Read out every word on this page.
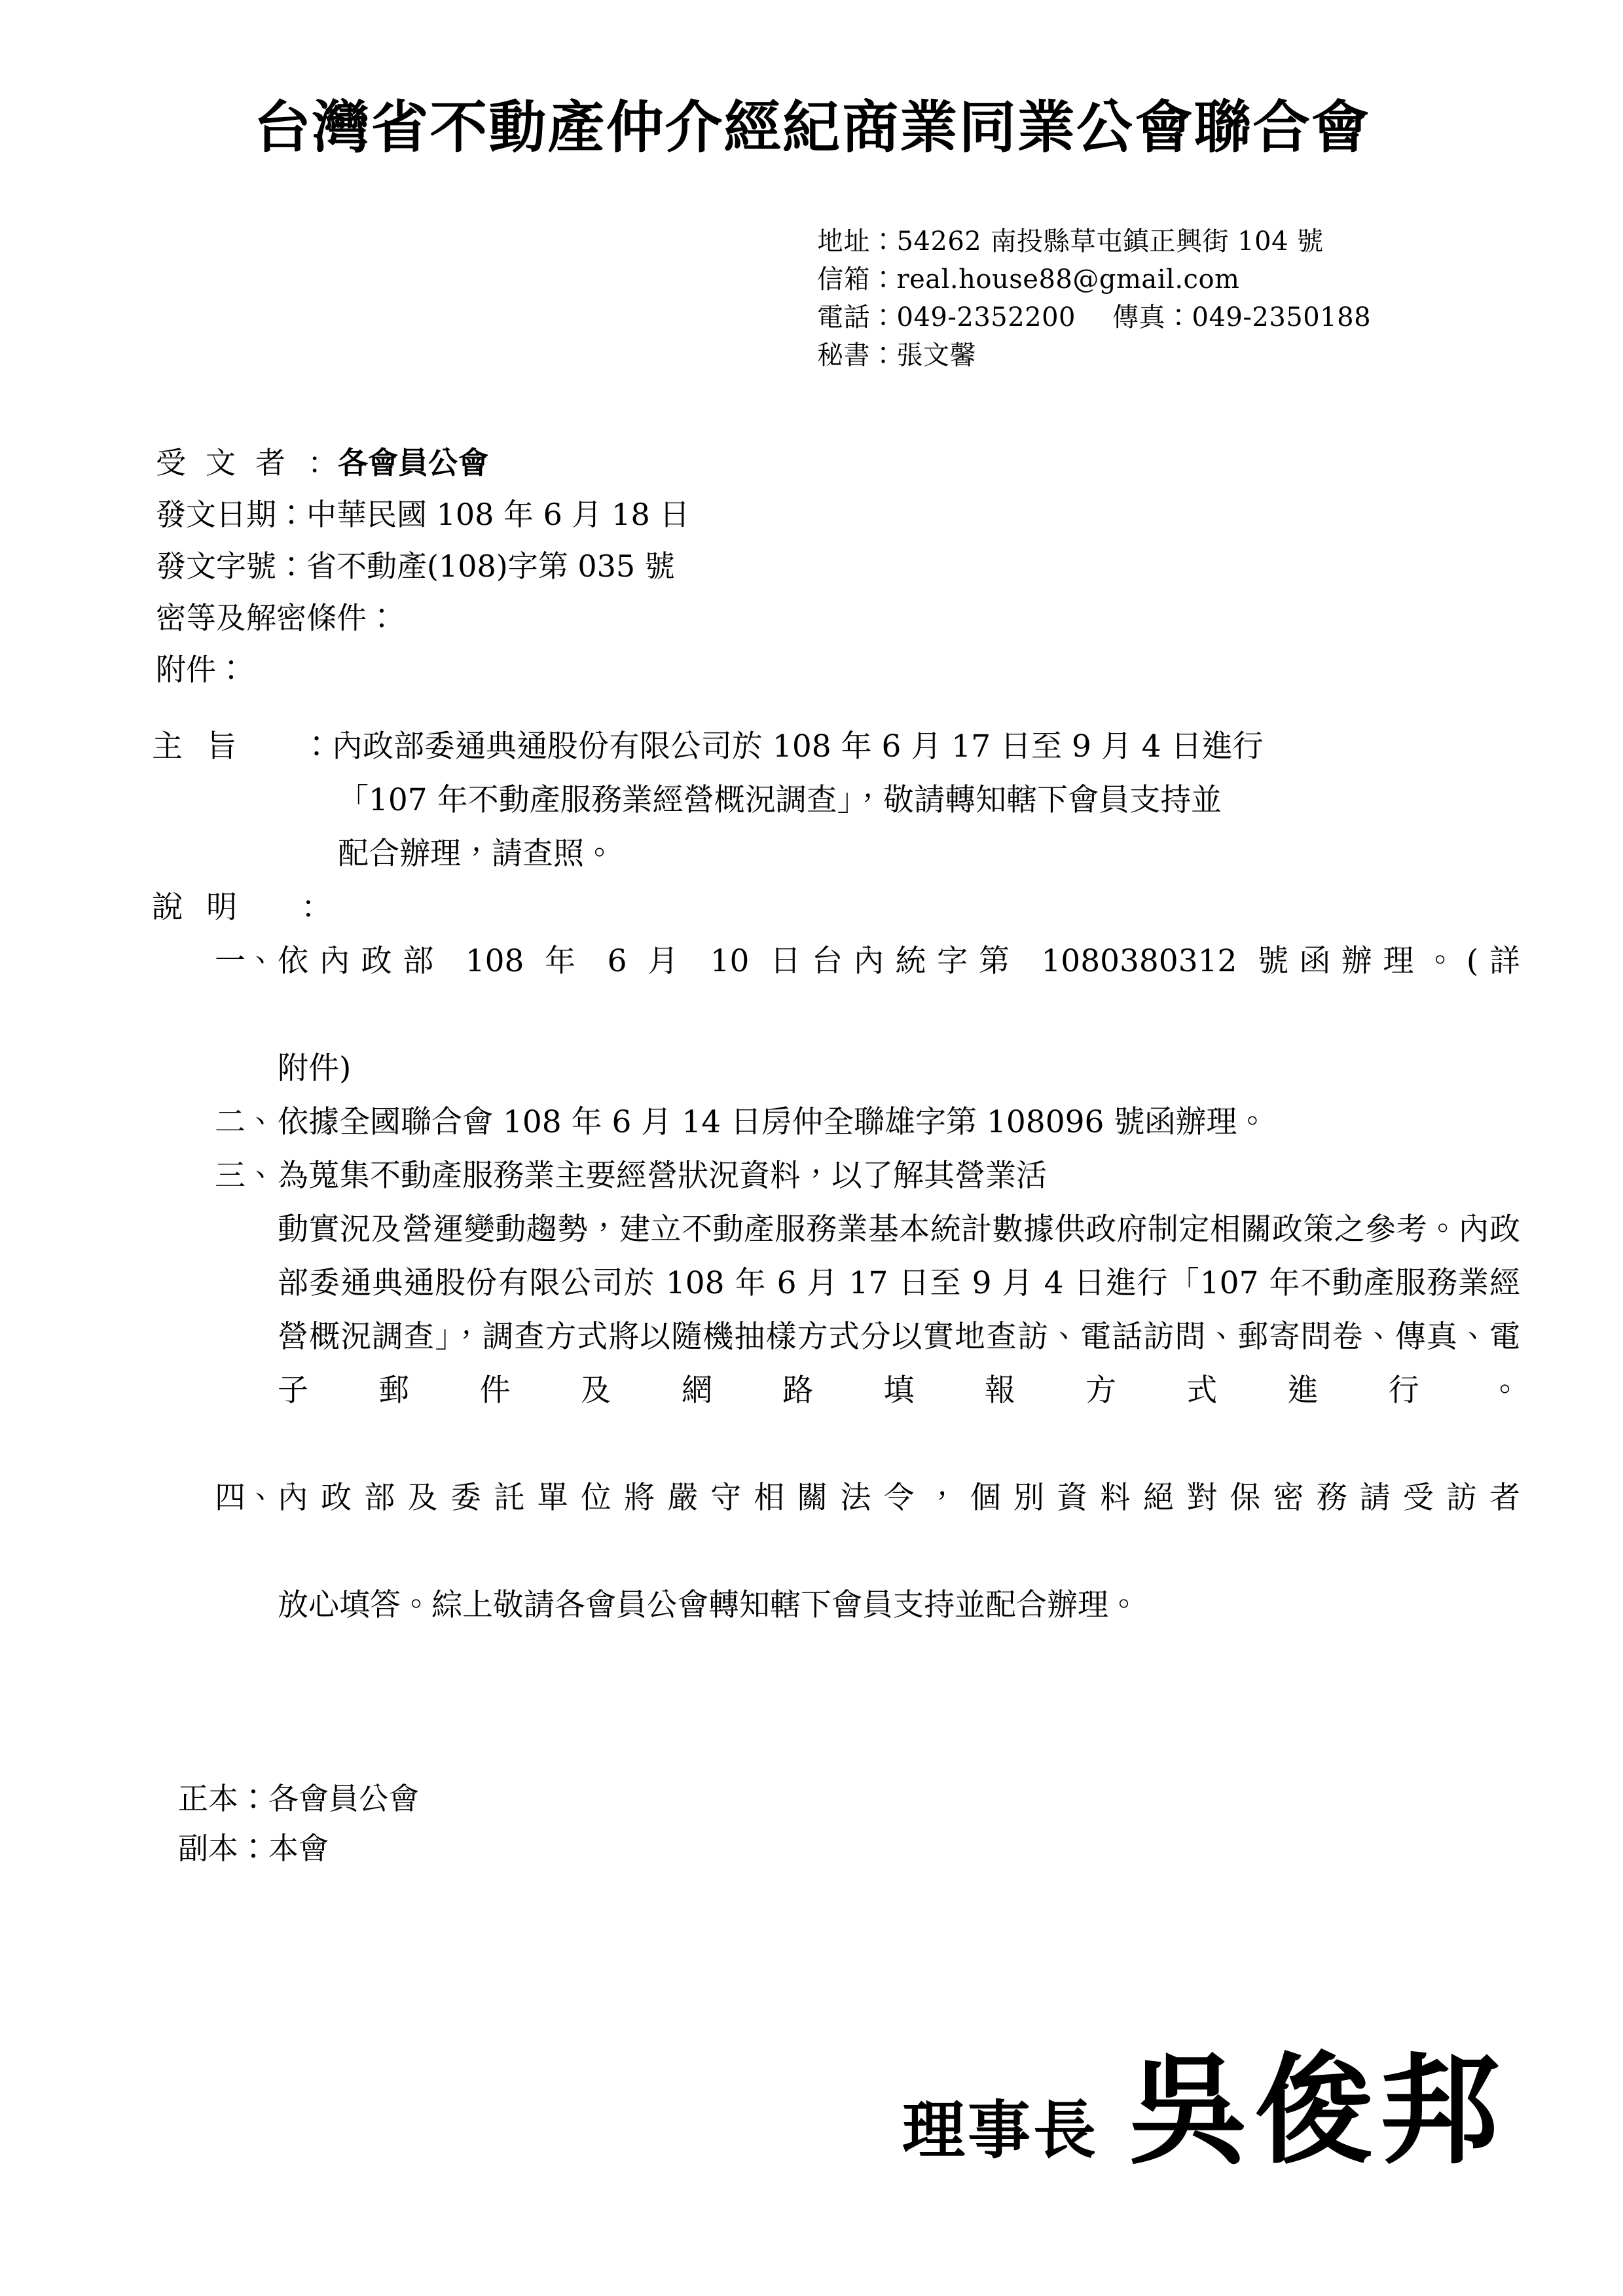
台灣省不動產仲介經紀商業同業公會聯合會
地址：54262 南投縣草屯鎮正興街 104 號
信箱：real.house88@gmail.com
電話：049-2352200 傳真：049-2350188
秘書：張文馨
受文者：各會員公會
發文日期：中華民國 108 年 6 月 18 日
發文字號：省不動產(108)字第 035 號
密等及解密條件：
附件：
主旨	：內政部委通典通股份有限公司於 108 年 6 月 17 日至 9 月 4 日進行

「107 年不動產服務業經營概況調查」，敬請轉知轄下會員支持並

配合辦理，請查照。

說明	：

一、 依內政部 108 年 6 月 10 日台內統字第 1080380312 號函辦理。(詳
附件)
二、 依據全國聯合會 108 年 6 月 14 日房仲全聯雄字第 108096 號函辦理。
三、 為蒐集不動產服務業主要經營狀況資料，以了解其營業活
動實況及營運變動趨勢，建立不動產服務業基本統計數據供政府制定相關政策之參考。內政部委通典通股份有限公司於 108 年 6 月 17 日至 9 月 4 日進行「107 年不動產服務業經營概況調查」，調查方式將以隨機抽樣方式分以實地查訪、電話訪問、郵寄問卷、傳真、電子郵件及網路填報方式進行。
四、 內政部及委託單位將嚴守相關法令，個別資料絕對保密務請受訪者
放心填答。綜上敬請各會員公會轉知轄下會員支持並配合辦理。
正本：各會員公會
副本：本會
理事長 吳俊邦
